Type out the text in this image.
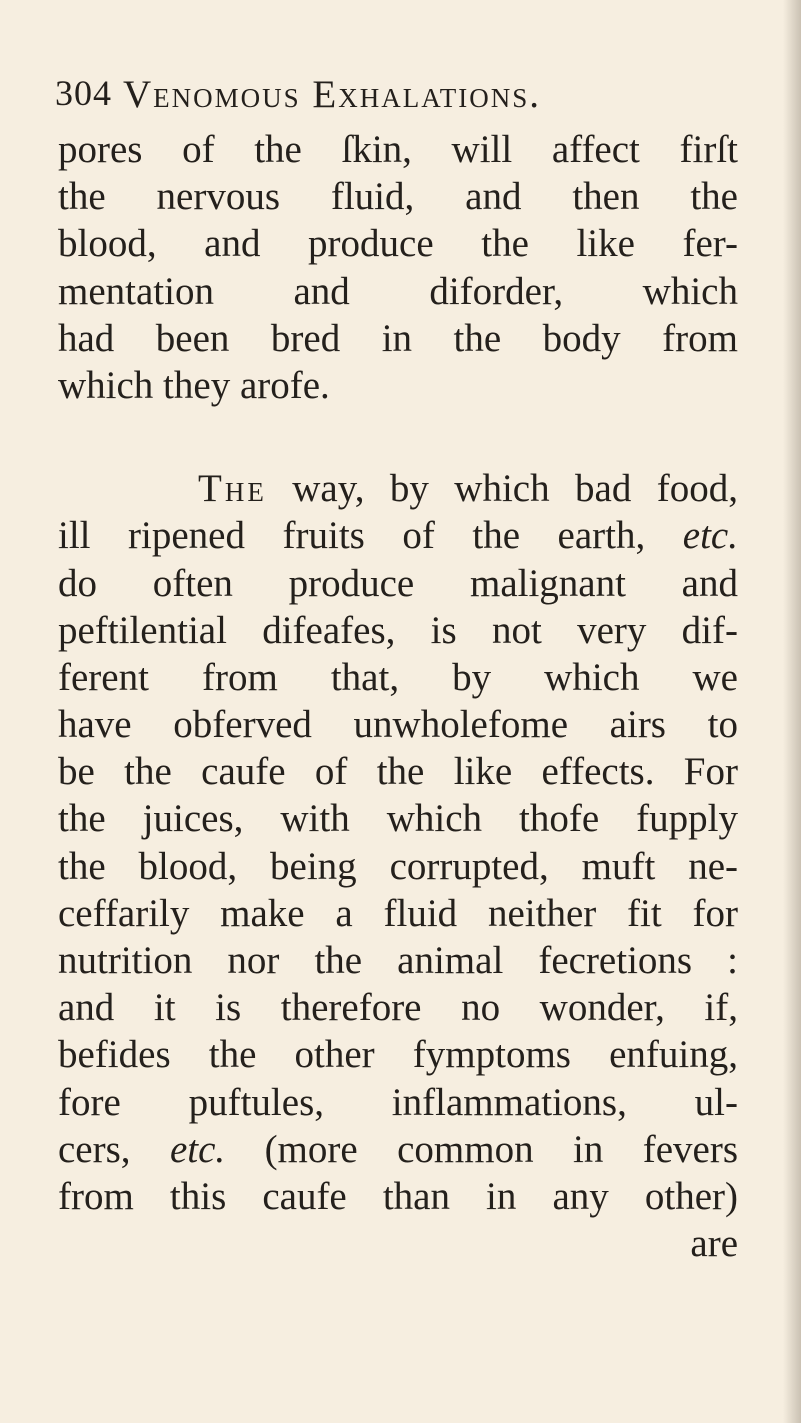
304 Venomous Exhalations.
pores of the ſkin, will affect firſt
the nervous fluid, and then the
blood, and produce the like fer-
mentation and diforder, which
had been bred in the body from
which they arofe.
The way, by which bad food,
ill ripened fruits of the earth, etc.
do often produce malignant and
peftilential difeafes, is not very dif-
ferent from that, by which we
have obferved unwholefome airs to
be the caufe of the like effects. For
the juices, with which thofe fupply
the blood, being corrupted, muft ne-
ceffarily make a fluid neither fit for
nutrition nor the animal fecretions :
and it is therefore no wonder, if,
befides the other fymptoms enfuing,
fore puftules, inflammations, ul-
cers, etc. (more common in fevers
from this caufe than in any other)
are
